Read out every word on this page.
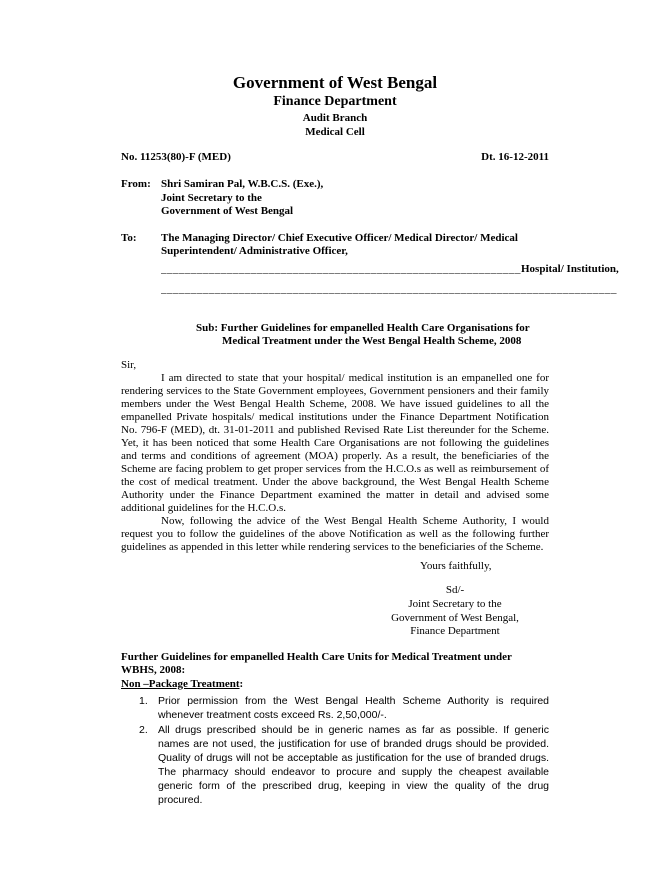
Government of West Bengal
Finance Department
Audit Branch
Medical Cell
No. 11253(80)-F (MED)	Dt. 16-12-2011
From: Shri Samiran Pal, W.B.C.S. (Exe.),
Joint Secretary to the
Government of West Bengal
To:	The Managing Director/ Chief Executive Officer/ Medical Director/ Medical
Superintendent/ Administrative Officer,
____________________________________________________________ Hospital/ Institution,
____________________________________________________________________________
Sub: Further Guidelines for empanelled Health Care Organisations for
Medical Treatment under the West Bengal Health Scheme, 2008
Sir,

I am directed to state that your hospital/ medical institution is an empanelled one for rendering services to the State Government employees, Government pensioners and their family members under the West Bengal Health Scheme, 2008. We have issued guidelines to all the empanelled Private hospitals/ medical institutions under the Finance Department Notification No. 796-F (MED), dt. 31-01-2011 and published Revised Rate List thereunder for the Scheme. Yet, it has been noticed that some Health Care Organisations are not following the guidelines and terms and conditions of agreement (MOA) properly. As a result, the beneficiaries of the Scheme are facing problem to get proper services from the H.C.O.s as well as reimbursement of the cost of medical treatment. Under the above background, the West Bengal Health Scheme Authority under the Finance Department examined the matter in detail and advised some additional guidelines for the H.C.O.s.

Now, following the advice of the West Bengal Health Scheme Authority, I would request you to follow the guidelines of the above Notification as well as the following further guidelines as appended in this letter while rendering services to the beneficiaries of the Scheme.

Yours faithfully,
Sd/-
Joint Secretary to the
Government of West Bengal,
Finance Department
Further Guidelines for empanelled Health Care Units for Medical Treatment under
WBHS, 2008:
Non –Package Treatment:
1. Prior permission from the West Bengal Health Scheme Authority is required whenever treatment costs exceed Rs. 2,50,000/-.
2. All drugs prescribed should be in generic names as far as possible. If generic names are not used, the justification for use of branded drugs should be provided. Quality of drugs will not be acceptable as justification for the use of branded drugs. The pharmacy should endeavor to procure and supply the cheapest available generic form of the prescribed drug, keeping in view the quality of the drug procured.
